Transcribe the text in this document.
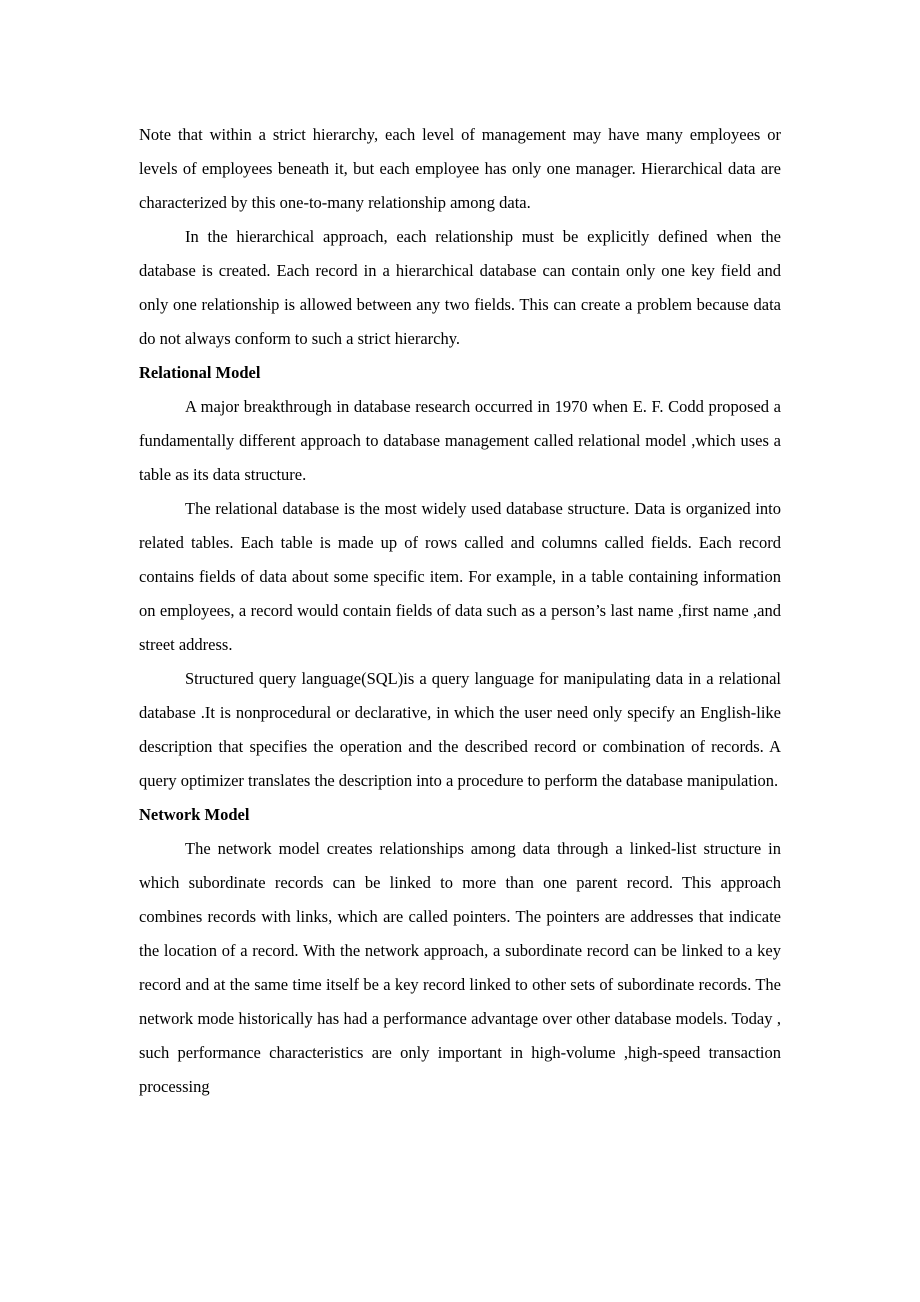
Note that within a strict hierarchy, each level of management may have many employees or levels of employees beneath it, but each employee has only one manager. Hierarchical data are characterized by this one-to-many relationship among data.

In the hierarchical approach, each relationship must be explicitly defined when the database is created. Each record in a hierarchical database can contain only one key field and only one relationship is allowed between any two fields. This can create a problem because data do not always conform to such a strict hierarchy.

Relational Model

A major breakthrough in database research occurred in 1970 when E. F. Codd proposed a fundamentally different approach to database management called relational model ,which uses a table as its data structure.

The relational database is the most widely used database structure. Data is organized into related tables. Each table is made up of rows called and columns called fields. Each record contains fields of data about some specific item. For example, in a table containing information on employees, a record would contain fields of data such as a person’s last name ,first name ,and street address.

Structured query language(SQL)is a query language for manipulating data in a relational database .It is nonprocedural or declarative, in which the user need only specify an English-like description that specifies the operation and the described record or combination of records. A query optimizer translates the description into a procedure to perform the database manipulation.

Network Model

The network model creates relationships among data through a linked-list structure in which subordinate records can be linked to more than one parent record. This approach combines records with links, which are called pointers. The pointers are addresses that indicate the location of a record. With the network approach, a subordinate record can be linked to a key record and at the same time itself be a key record linked to other sets of subordinate records. The network mode historically has had a performance advantage over other database models. Today , such performance characteristics are only important in high-volume ,high-speed transaction processing
